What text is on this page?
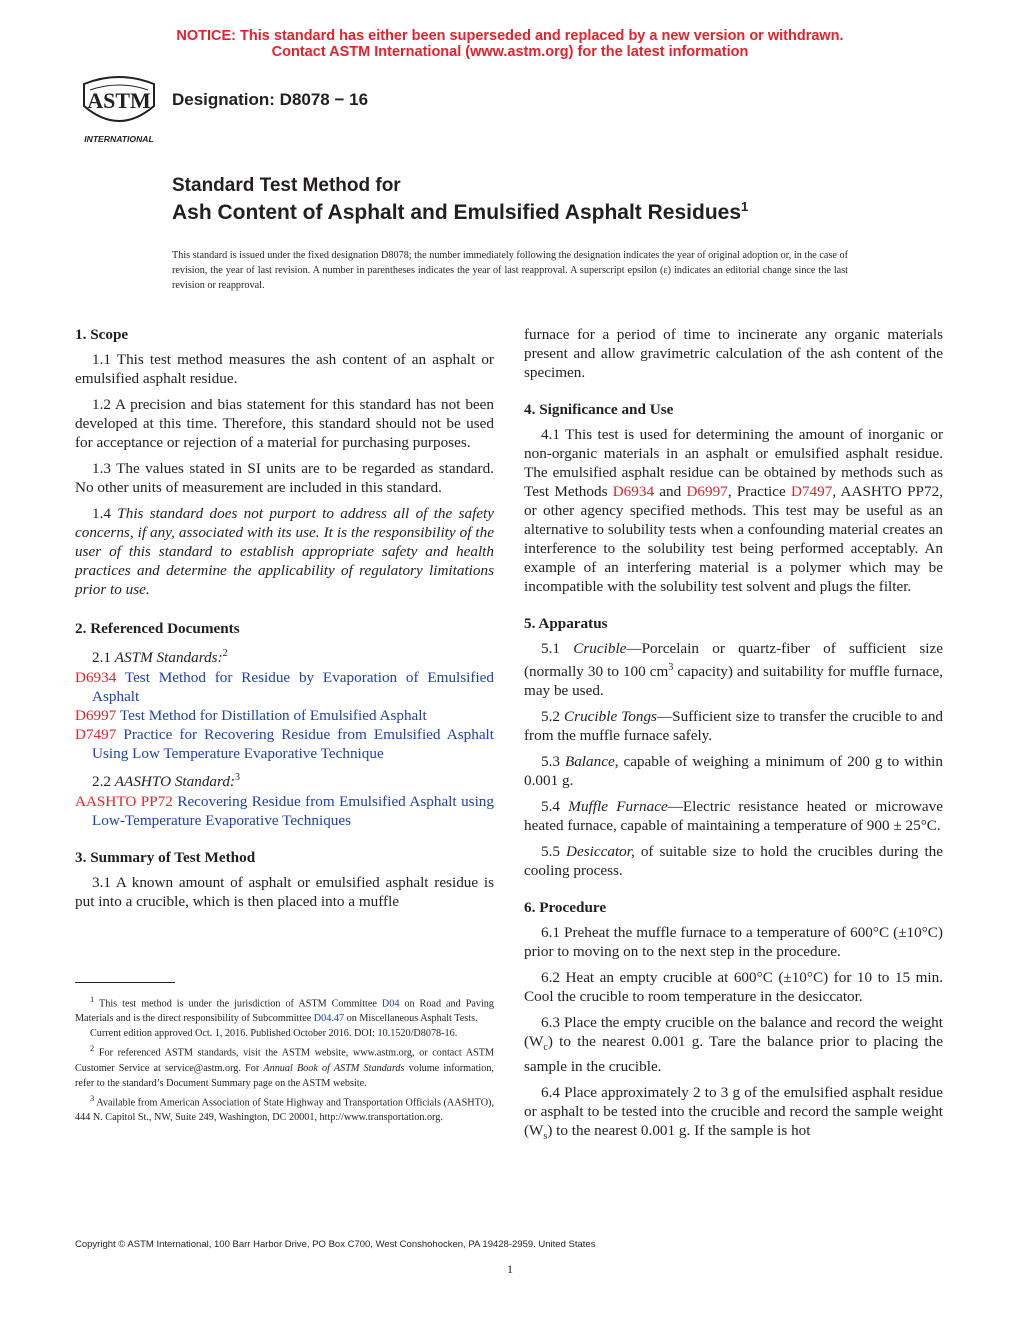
NOTICE: This standard has either been superseded and replaced by a new version or withdrawn.
Contact ASTM International (www.astm.org) for the latest information
ASTM
INTERNATIONAL
Designation: D8078 − 16
Standard Test Method for
Ash Content of Asphalt and Emulsified Asphalt Residues$^1$
This standard is issued under the fixed designation D8078; the number immediately following the designation indicates the year of original adoption or, in the case of revision, the year of last revision. A number in parentheses indicates the year of last reapproval. A superscript epsilon (ε) indicates an editorial change since the last revision or reapproval.
1. Scope

1.1 This test method measures the ash content of an asphalt or emulsified asphalt residue.

1.2 A precision and bias statement for this standard has not been developed at this time. Therefore, this standard should not be used for acceptance or rejection of a material for purchasing purposes.

1.3 The values stated in SI units are to be regarded as standard. No other units of measurement are included in this standard.

1.4 This standard does not purport to address all of the safety concerns, if any, associated with its use. It is the responsibility of the user of this standard to establish appropriate safety and health practices and determine the applicability of regulatory limitations prior to use.

2. Referenced Documents

2.1 ASTM Standards:$^2$

D6934 Test Method for Residue by Evaporation of Emulsified Asphalt
D6997 Test Method for Distillation of Emulsified Asphalt
D7497 Practice for Recovering Residue from Emulsified Asphalt Using Low Temperature Evaporative Technique

2.2 AASHTO Standard:$^3$

AASHTO PP72 Recovering Residue from Emulsified Asphalt using Low-Temperature Evaporative Techniques
3. Summary of Test Method

3.1 A known amount of asphalt or emulsified asphalt residue is put into a crucible, which is then placed into a muffle

$^1$ This test method is under the jurisdiction of ASTM Committee D04 on Road and Paving Materials and is the direct responsibility of Subcommittee D04.47 on Miscellaneous Asphalt Tests.

Current edition approved Oct. 1, 2016. Published October 2016. DOI: 10.1520/D8078-16.

$^2$ For referenced ASTM standards, visit the ASTM website, www.astm.org, or contact ASTM Customer Service at service@astm.org. For Annual Book of ASTM Standards volume information, refer to the standard’s Document Summary page on the ASTM website.

$^3$ Available from American Association of State Highway and Transportation Officials (AASHTO), 444 N. Capitol St., NW, Suite 249, Washington, DC 20001, http://www.transportation.org.

furnace for a period of time to incinerate any organic materials present and allow gravimetric calculation of the ash content of the specimen.

4. Significance and Use

4.1 This test is used for determining the amount of inorganic or non-organic materials in an asphalt or emulsified asphalt residue. The emulsified asphalt residue can be obtained by methods such as Test Methods D6934 and D6997, Practice D7497, AASHTO PP72, or other agency specified methods. This test may be useful as an alternative to solubility tests when a confounding material creates an interference to the solubility test being performed acceptably. An example of an interfering material is a polymer which may be incompatible with the solubility test solvent and plugs the filter.

5. Apparatus

5.1 Crucible—Porcelain or quartz-fiber of sufficient size (normally 30 to 100 $cm^3$ capacity) and suitability for muffle furnace, may be used.

5.2 Crucible Tongs—Sufficient size to transfer the crucible to and from the muffle furnace safely.

5.3 Balance, capable of weighing a minimum of 200 g to within 0.001 g.

5.4 Muffle Furnace—Electric resistance heated or microwave heated furnace, capable of maintaining a temperature of 900 ± 25°C.

5.5 Desiccator, of suitable size to hold the crucibles during the cooling process.

6. Procedure

6.1 Preheat the muffle furnace to a temperature of 600°C (±10°C) prior to moving on to the next step in the procedure.

6.2 Heat an empty crucible at 600°C (±10°C) for 10 to 15 min. Cool the crucible to room temperature in the desiccator.

6.3 Place the empty crucible on the balance and record the weight $(W_c)$ to the nearest 0.001 g. Tare the balance prior to placing the sample in the crucible.

6.4 Place approximately 2 to 3 g of the emulsified asphalt residue or asphalt to be tested into the crucible and record the sample weight $(W_s)$ to the nearest 0.001 g. If the sample is hot

Copyright © ASTM International, 100 Barr Harbor Drive, PO Box C700, West Conshohocken, PA 19428-2959. United States
1
